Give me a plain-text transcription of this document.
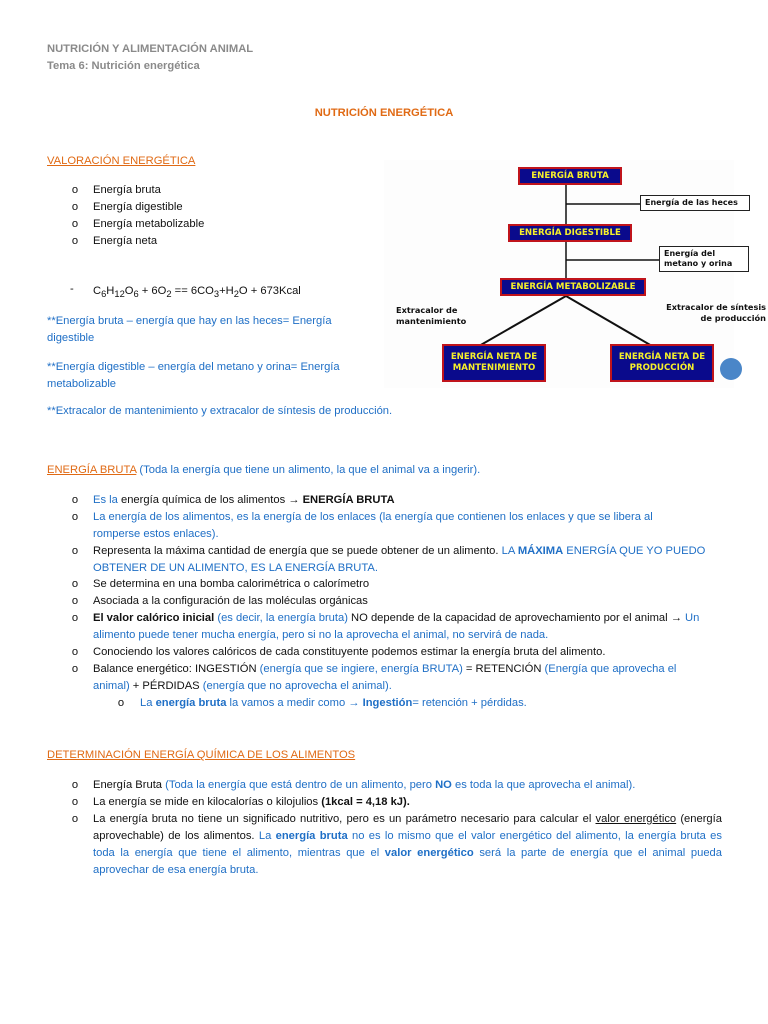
NUTRICIÓN Y ALIMENTACIÓN ANIMAL
Tema 6: Nutrición energética
NUTRICIÓN ENERGÉTICA
VALORACIÓN ENERGÉTICA
o Energía bruta
o Energía digestible
o Energía metabolizable
o Energía neta
- $C_6H_{12}O_6 + 6O_2 == 6CO_3+H_2O$ + 673Kcal
**Energía bruta – energía que hay en las heces= Energía digestible
**Energía digestible – energía del metano y orina= Energía metabolizable
**Extracalor de mantenimiento y extracalor de síntesis de producción.
ENERGÍA BRUTA
Energía de las heces
ENERGÍA DIGESTIBLE
Energía del
metano y orina
ENERGÍA METABOLIZABLE
Extracalor de
mantenimiento
Extracalor de síntesis
de producción
ENERGÍA NETA DE
MANTENIMIENTO
ENERGÍA NETA DE
PRODUCCIÓN
ENERGÍA BRUTA (Toda la energía que tiene un alimento, la que el animal va a ingerir).
o Es la energía química de los alimentos → ENERGÍA BRUTA
o La energía de los alimentos, es la energía de los enlaces (la energía que contienen los enlaces y que se libera al
romperse estos enlaces).
o Representa la máxima cantidad de energía que se puede obtener de un alimento. LA MÁXIMA ENERGÍA QUE YO PUEDO
OBTENER DE UN ALIMENTO, ES LA ENERGÍA BRUTA.
o Se determina en una bomba calorimétrica o calorímetro
o Asociada a la configuración de las moléculas orgánicas
o El valor calórico inicial (es decir, la energía bruta) NO depende de la capacidad de aprovechamiento por el animal → Un
alimento puede tener mucha energía, pero si no la aprovecha el animal, no servirá de nada.
o Conociendo los valores calóricos de cada constituyente podemos estimar la energía bruta del alimento.
o Balance energético: INGESTIÓN (energía que se ingiere, energía BRUTA) = RETENCIÓN (Energía que aprovecha el
animal) + PÉRDIDAS (energía que no aprovecha el animal).
o La energía bruta la vamos a medir como → Ingestión= retención + pérdidas.
DETERMINACIÓN ENERGÍA QUÍMICA DE LOS ALIMENTOS
o Energía Bruta (Toda la energía que está dentro de un alimento, pero NO es toda la que aprovecha el animal).
o La energía se mide en kilocalorías o kilojulios (1kcal = 4,18 kJ).
o La energía bruta no tiene un significado nutritivo, pero es un parámetro necesario para calcular el valor energético (energía aprovechable) de los alimentos. La energía bruta no es lo mismo que el valor energético del alimento, la energía bruta es toda la energía que tiene el alimento, mientras que el valor energético será la parte de energía que el animal pueda aprovechar de esa energía bruta.
